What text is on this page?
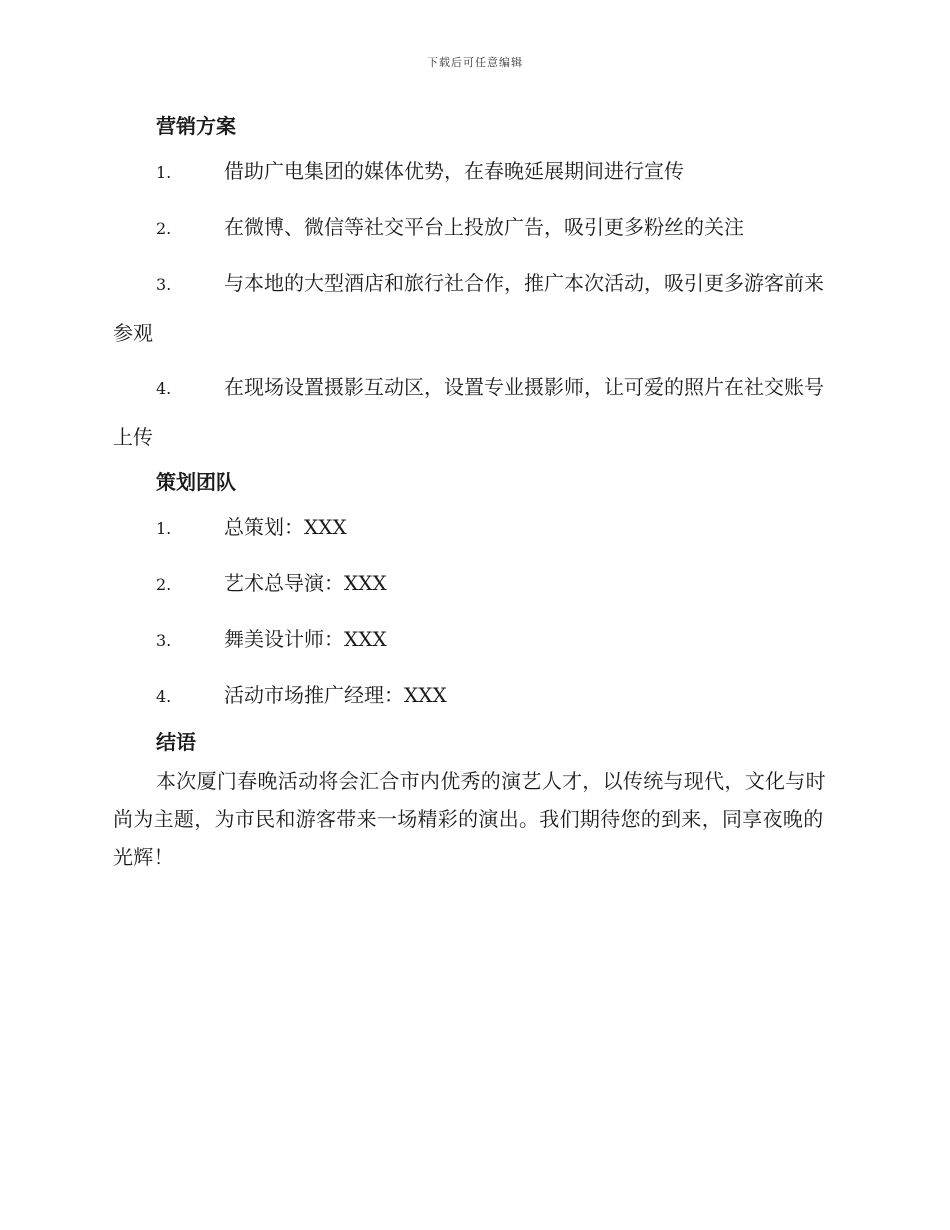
下载后可任意编辑
营销方案
1.	借助广电集团的媒体优势，在春晚延展期间进行宣传
2.	在微博、微信等社交平台上投放广告，吸引更多粉丝的关注
3.	与本地的大型酒店和旅行社合作，推广本次活动，吸引更多游客前来参观
4.	在现场设置摄影互动区，设置专业摄影师，让可爱的照片在社交账号上传
策划团队
1.	总策划：XXX
2.	艺术总导演：XXX
3.	舞美设计师：XXX
4.	活动市场推广经理：XXX
结语

本次厦门春晚活动将会汇合市内优秀的演艺人才，以传统与现代，文化与时尚为主题，为市民和游客带来一场精彩的演出。我们期待您的到来，同享夜晚的光辉！
